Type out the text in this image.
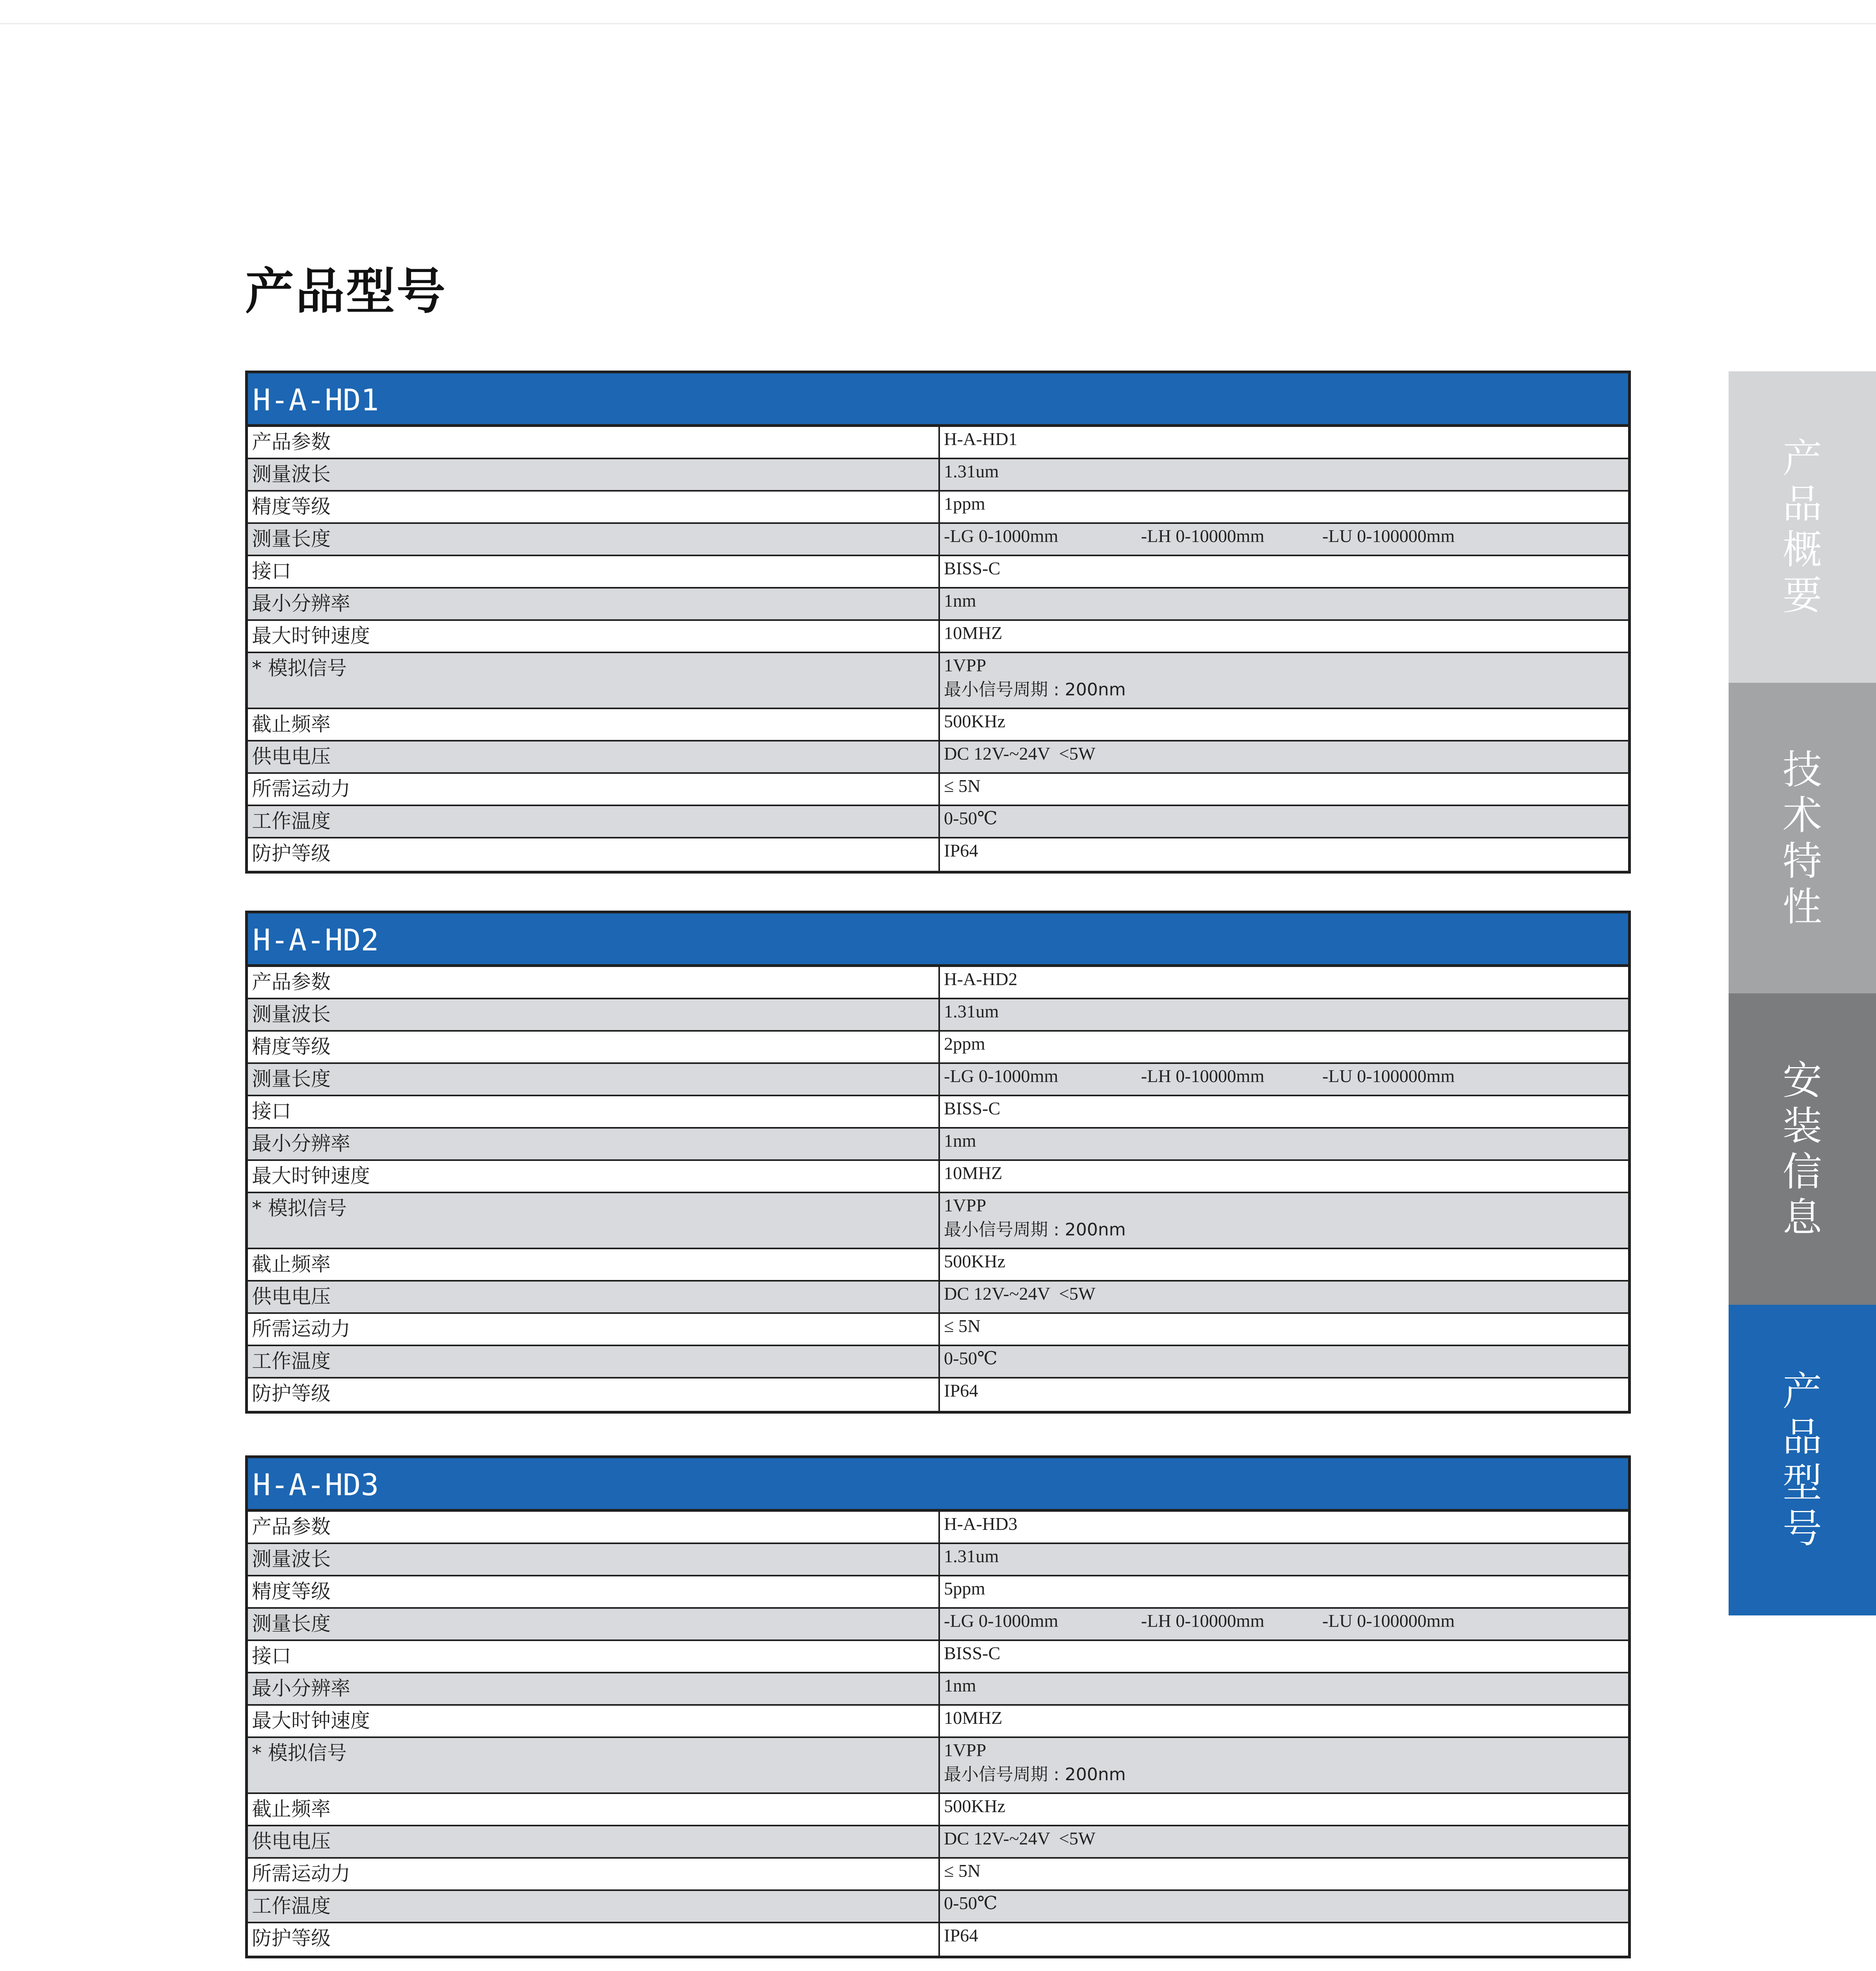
产品型号
H-A-HD1
产品参数	H-A-HD1
测量波长	1.31um
精度等级	1ppm
测量长度	-LG 0-1000mm	-LH 0-10000mm	-LU 0-100000mm
接口	BISS-C
最小分辨率	1nm
最大时钟速度	10MHZ
* 模拟信号	1VPP
最小信号周期 : 200nm
截止频率	500KHz
供电电压	DC 12V-~24V  <5W
所需运动力	≤ 5N
工作温度	0-50℃
防护等级	IP64
H-A-HD2
产品参数	H-A-HD2
测量波长	1.31um
精度等级	2ppm
测量长度	-LG 0-1000mm	-LH 0-10000mm	-LU 0-100000mm
接口	BISS-C
最小分辨率	1nm
最大时钟速度	10MHZ
* 模拟信号	1VPP
最小信号周期 : 200nm
截止频率	500KHz
供电电压	DC 12V-~24V  <5W
所需运动力	≤ 5N
工作温度	0-50℃
防护等级	IP64
H-A-HD3
产品参数	H-A-HD3
测量波长	1.31um
精度等级	5ppm
测量长度	-LG 0-1000mm	-LH 0-10000mm	-LU 0-100000mm
接口	BISS-C
最小分辨率	1nm
最大时钟速度	10MHZ
* 模拟信号	1VPP
最小信号周期 : 200nm
截止频率	500KHz
供电电压	DC 12V-~24V  <5W
所需运动力	≤ 5N
工作温度	0-50℃
防护等级	IP64
产
品
概
要
技
术
特
性
安
装
信
息
产
品
型
号
